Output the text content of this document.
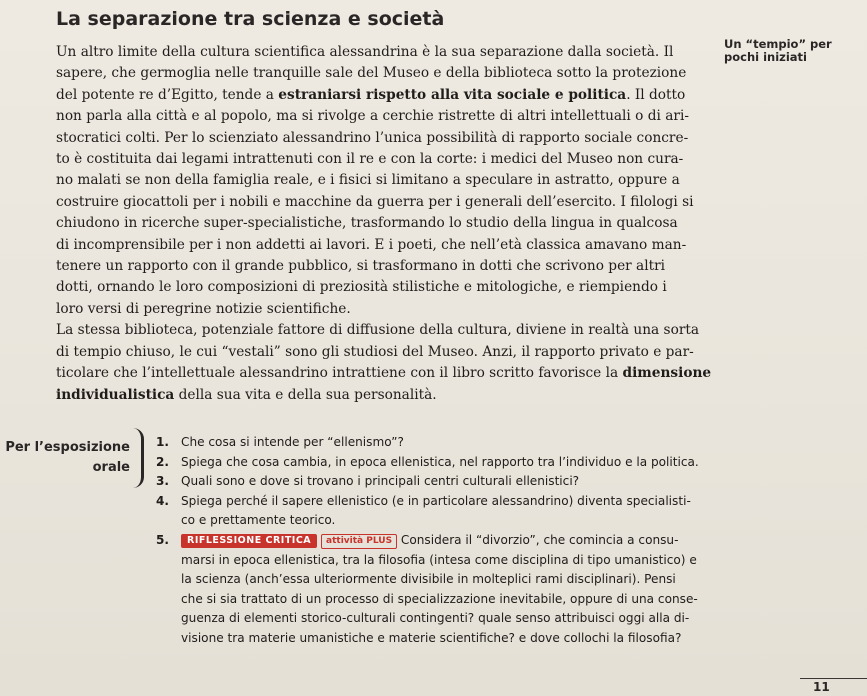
La separazione tra scienza e società
Un “tempio” per pochi iniziati
Un altro limite della cultura scientifica alessandrina è la sua separazione dalla società. Il
sapere, che germoglia nelle tranquille sale del Museo e della biblioteca sotto la protezione
del potente re d’Egitto, tende a estraniarsi rispetto alla vita sociale e politica. Il dotto
non parla alla città e al popolo, ma si rivolge a cerchie ristrette di altri intellettuali o di ari-
stocratici colti. Per lo scienziato alessandrino l’unica possibilità di rapporto sociale concre-
to è costituita dai legami intrattenuti con il re e con la corte: i medici del Museo non cura-
no malati se non della famiglia reale, e i fisici si limitano a speculare in astratto, oppure a
costruire giocattoli per i nobili e macchine da guerra per i generali dell’esercito. I filologi si
chiudono in ricerche super-specialistiche, trasformando lo studio della lingua in qualcosa
di incomprensibile per i non addetti ai lavori. E i poeti, che nell’età classica amavano man-
tenere un rapporto con il grande pubblico, si trasformano in dotti che scrivono per altri
dotti, ornando le loro composizioni di preziosità stilistiche e mitologiche, e riempiendo i
loro versi di peregrine notizie scientifiche.
La stessa biblioteca, potenziale fattore di diffusione della cultura, diviene in realtà una sorta
di tempio chiuso, le cui “vestali” sono gli studiosi del Museo. Anzi, il rapporto privato e par-
ticolare che l’intellettuale alessandrino intrattiene con il libro scritto favorisce la dimensione
individualistica della sua vita e della sua personalità.
Per l’esposizione
orale
1. Che cosa si intende per “ellenismo”?
2. Spiega che cosa cambia, in epoca ellenistica, nel rapporto tra l’individuo e la politica.
3. Quali sono e dove si trovano i principali centri culturali ellenistici?
4. Spiega perché il sapere ellenistico (e in particolare alessandrino) diventa specialisti-
co e prettamente teorico.
5.	RIFLESSIONE CRITICA attività PLUS Considera il “divorzio”, che comincia a consu-
marsi in epoca ellenistica, tra la filosofia (intesa come disciplina di tipo umanistico) e
la scienza (anch’essa ulteriormente divisibile in molteplici rami disciplinari). Pensi
che si sia trattato di un processo di specializzazione inevitabile, oppure di una conse-
guenza di elementi storico-culturali contingenti? quale senso attribuisci oggi alla di-
visione tra materie umanistiche e materie scientifiche? e dove collochi la filosofia?
11
